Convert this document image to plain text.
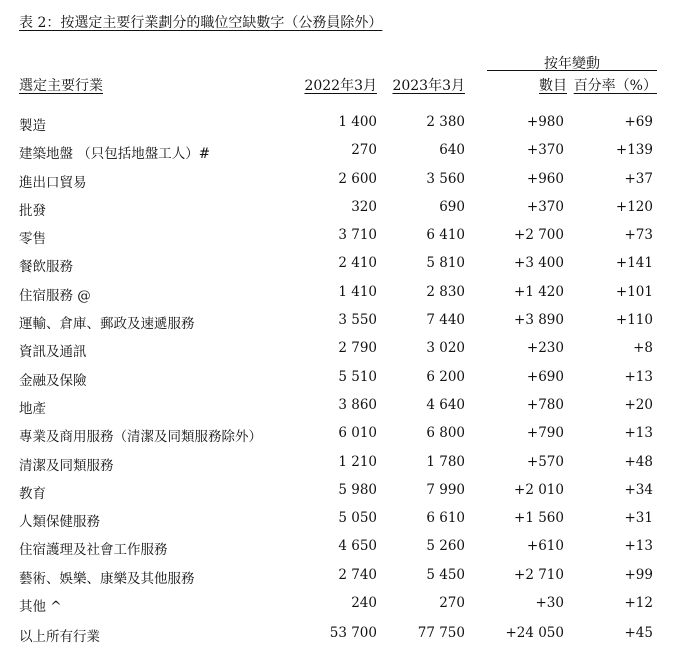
表 2：按選定主要行業劃分的職位空缺數字（公務員除外）
按年變動
選定主要行業	2022年3月 2023年3月	數目 百分率（%）
製造	1 400	2 380	+980	+69
建築地盤 （只包括地盤工人）#	270	640	+370	+139
進出口貿易	2 600	3 560	+960	+37
批發	320	690	+370	+120
零售	3 710	6 410	+2 700	+73
餐飲服務	2 410	5 810	+3 400	+141
住宿服務 @	1 410	2 830	+1 420	+101
運輸、倉庫、郵政及速遞服務	3 550	7 440	+3 890	+110
資訊及通訊	2 790	3 020	+230	+8
金融及保險	5 510	6 200	+690	+13
地產	3 860	4 640	+780	+20
專業及商用服務（清潔及同類服務除外）	6 010	6 800	+790	+13
清潔及同類服務	1 210	1 780	+570	+48
教育	5 980	7 990	+2 010	+34
人類保健服務	5 050	6 610	+1 560	+31
住宿護理及社會工作服務	4 650	5 260	+610	+13
藝術、娛樂、康樂及其他服務	2 740	5 450	+2 710	+99
其他 ^	240	270	+30	+12
以上所有行業	53 700	77 750	+24 050	+45
